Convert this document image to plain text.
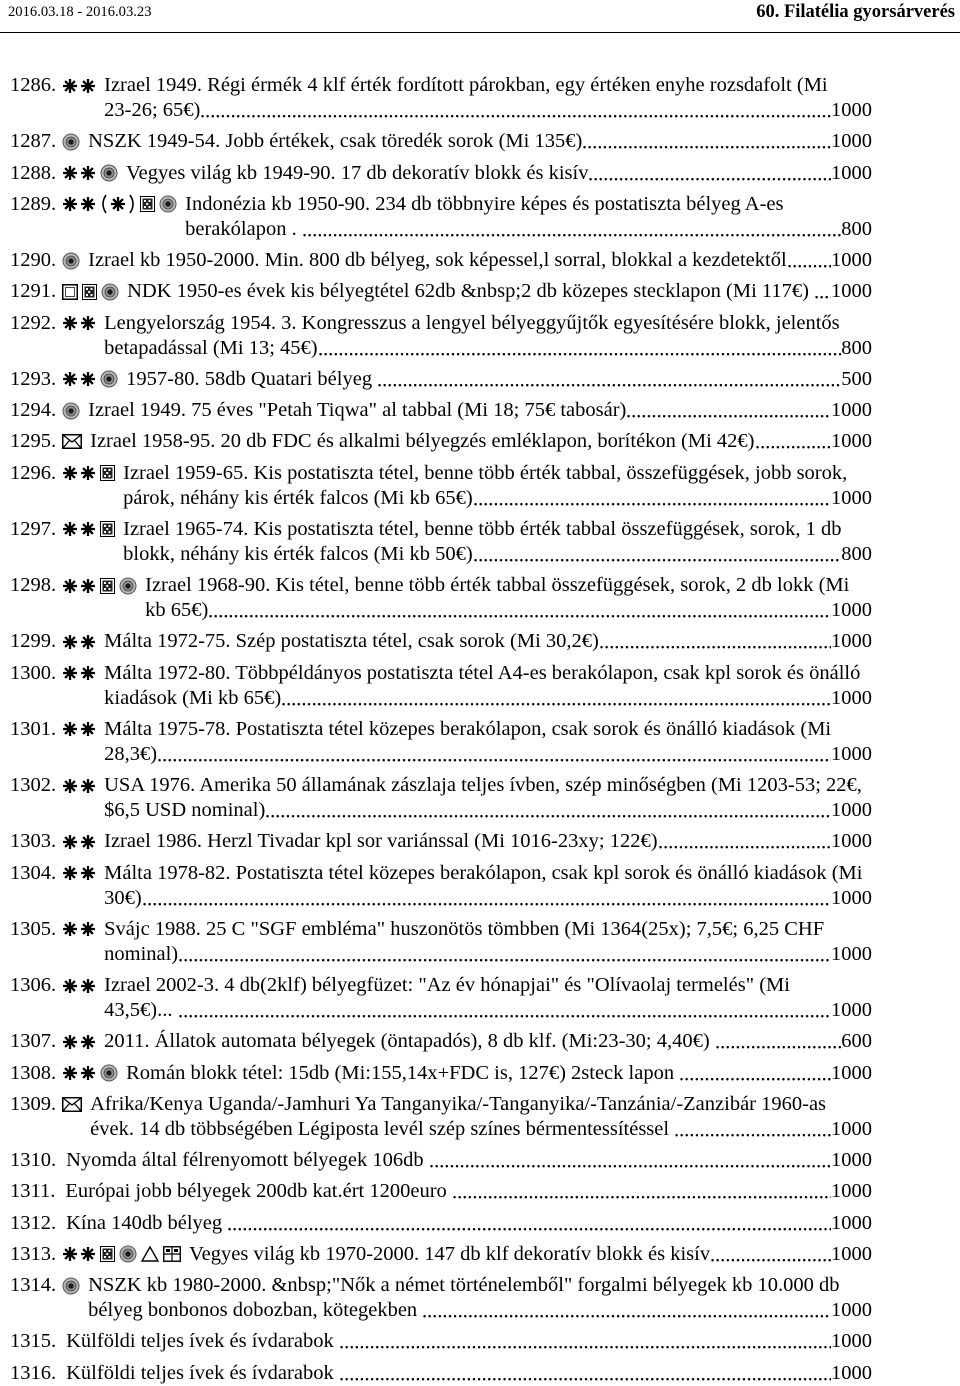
2016.03.18 - 2016.03.23	60. Filatélia gyorsárverés
1286. Izrael 1949. Régi érmék 4 klf érték fordított párokban, egy értéken enyhe rozsdafolt (Mi
23-26; 65€)	1000
1287. NSZK 1949-54. Jobb értékek, csak töredék sorok (Mi 135€)	1000
1288.	Vegyes világ kb 1949-90. 17 db dekoratív blokk és kisív	1000
1289.	Indonézia kb 1950-90. 234 db többnyire képes és postatiszta bélyeg A-es
berakólapon .	800
1290. Izrael kb 1950-2000. Min. 800 db bélyeg, sok képessel,l sorral, blokkal a kezdetektől 1000
1291.	NDK 1950-es évek kis bélyegtétel 62db &nbsp;2 db közepes stecklapon (Mi 117€) 1000
1292. Lengyelország 1954. 3. Kongresszus a lengyel bélyeggyűjtők egyesítésére blokk, jelentős
betapadással (Mi 13; 45€)	800
1293.	1957-80. 58db Quatari bélyeg	500
1294. Izrael 1949. 75 éves "Petah Tiqwa" al tabbal (Mi 18; 75€ tabosár)	1000
1295. Izrael 1958-95. 20 db FDC és alkalmi bélyegzés emléklapon, borítékon (Mi 42€)	1000
1296.	Izrael 1959-65. Kis postatiszta tétel, benne több érték tabbal, összefüggések, jobb sorok,
párok, néhány kis érték falcos (Mi kb 65€)	1000
1297.	Izrael 1965-74. Kis postatiszta tétel, benne több érték tabbal összefüggések, sorok, 1 db
blokk, néhány kis érték falcos (Mi kb 50€)	800
1298.	Izrael 1968-90. Kis tétel, benne több érték tabbal összefüggések, sorok, 2 db lokk (Mi
kb 65€)	1000
1299. Málta 1972-75. Szép postatiszta tétel, csak sorok (Mi 30,2€)	1000
1300. Málta 1972-80. Többpéldányos postatiszta tétel A4-es berakólapon, csak kpl sorok és önálló
kiadások (Mi kb 65€)	1000
1301. Málta 1975-78. Postatiszta tétel közepes berakólapon, csak sorok és önálló kiadások (Mi
28,3€)	1000
1302. USA 1976. Amerika 50 államának zászlaja teljes ívben, szép minőségben (Mi 1203-53; 22€,
$6,5 USD nominal)	1000
1303. Izrael 1986. Herzl Tivadar kpl sor variánssal (Mi 1016-23xy; 122€)	1000
1304. Málta 1978-82. Postatiszta tétel közepes berakólapon, csak kpl sorok és önálló kiadások (Mi
30€)	1000
1305. Svájc 1988. 25 C "SGF embléma" huszonötös tömbben (Mi 1364(25x); 7,5€; 6,25 CHF
nominal)	1000
1306. Izrael 2002-3. 4 db(2klf) bélyegfüzet: "Az év hónapjai" és "Olívaolaj termelés" (Mi
43,5€)...	1000
1307. 2011. Állatok automata bélyegek (öntapadós), 8 db klf. (Mi:23-30; 4,40€)	600
1308.	Román blokk tétel: 15db (Mi:155,14x+FDC is, 127€) 2steck lapon	1000
1309. Afrika/Kenya Uganda/-Jamhuri Ya Tanganyika/-Tanganyika/-Tanzánia/-Zanzibár 1960-as
évek. 14 db többségében Légiposta levél szép színes bérmentessítéssel	1000
1310. Nyomda által félrenyomott bélyegek 106db	1000
1311. Európai jobb bélyegek 200db kat.ért 1200euro	1000
1312. Kína 140db bélyeg	1000
1313.	Vegyes világ kb 1970-2000. 147 db klf dekoratív blokk és kisív	1000
1314. NSZK kb 1980-2000. &nbsp;"Nők a német történelemből" forgalmi bélyegek kb 10.000 db
bélyeg bonbonos dobozban, kötegekben	1000
1315. Külföldi teljes ívek és ívdarabok	1000
1316. Külföldi teljes ívek és ívdarabok	1000
